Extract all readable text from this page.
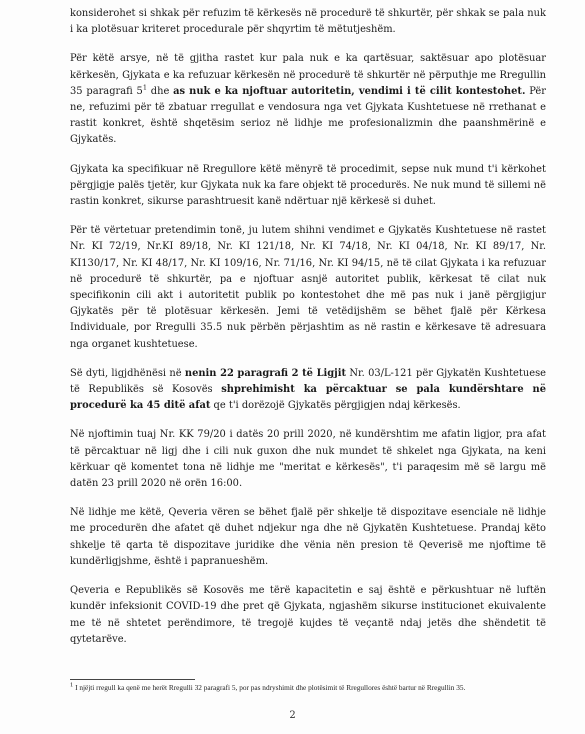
konsiderohet si shkak për refuzim të kërkesës në procedurë të shkurtër, për shkak se pala nuk i ka plotësuar kriteret procedurale për shqyrtim të mëtutjeshëm.

Për këtë arsye, në të gjitha rastet kur pala nuk e ka qartësuar, saktësuar apo plotësuar kërkesën, Gjykata e ka refuzuar kërkesën në procedurë të shkurtër në përputhje me Rregullin 35 paragrafi $5^1$ dhe as nuk e ka njoftuar autoritetin, vendimi i të cilit kontestohet. Për ne, refuzimi për të zbatuar rregullat e vendosura nga vet Gjykata Kushtetuese në rrethanat e rastit konkret, është shqetësim serioz në lidhje me profesionalizmin dhe paanshmërinë e Gjykatës.

Gjykata ka specifikuar në Rregullore këtë mënyrë të procedimit, sepse nuk mund t'i kërkohet përgjigje palës tjetër, kur Gjykata nuk ka fare objekt të procedurës. Ne nuk mund të sillemi në rastin konkret, sikurse parashtruesit kanë ndërtuar një kërkesë si duhet.

Për të vërtetuar pretendimin tonë, ju lutem shihni vendimet e Gjykatës Kushtetuese në rastet Nr. KI 72/19, Nr.KI 89/18, Nr. KI 121/18, Nr. KI 74/18, Nr. KI 04/18, Nr. KI 89/17, Nr. KI130/17, Nr. KI 48/17, Nr. KI 109/16, Nr. 71/16, Nr. KI 94/15, në të cilat Gjykata i ka refuzuar në procedurë të shkurtër, pa e njoftuar asnjë autoritet publik, kërkesat të cilat nuk specifikonin cili akt i autoritetit publik po kontestohet dhe më pas nuk i janë përgjigjur Gjykatës për të plotësuar kërkesën. Jemi të vetëdijshëm se bëhet fjalë për Kërkesa Individuale, por Rregulli 35.5 nuk përbën përjashtim as në rastin e kërkesave të adresuara nga organet kushtetuese.

Së dyti, ligjdhënësi në nenin 22 paragrafi 2 të Ligjit Nr. 03/L-121 për Gjykatën Kushtetuese të Republikës së Kosovës shprehimisht ka përcaktuar se pala kundërshtare në procedurë ka 45 ditë afat qe t'i dorëzojë Gjykatës përgjigjen ndaj kërkesës.

Në njoftimin tuaj Nr. KK 79/20 i datës 20 prill 2020, në kundërshtim me afatin ligjor, pra afat të përcaktuar në ligj dhe i cili nuk guxon dhe nuk mundet të shkelet nga Gjykata, na keni kërkuar që komentet tona në lidhje me "meritat e kërkesës", t'i paraqesim më së largu më datën 23 prill 2020 në orën 16:00.

Në lidhje me këtë, Qeveria vëren se bëhet fjalë për shkelje të dispozitave esenciale në lidhje me procedurën dhe afatet që duhet ndjekur nga dhe në Gjykatën Kushtetuese. Prandaj këto shkelje të qarta të dispozitave juridike dhe vënia nën presion të Qeverisë me njoftime të kundërligjshme, është i papranueshëm.

Qeveria e Republikës së Kosovës me tërë kapacitetin e saj është e përkushtuar në luftën kundër infeksionit COVID-19 dhe pret që Gjykata, ngjashëm sikurse institucionet ekuivalente me të në shtetet perëndimore, të tregojë kujdes të veçantë ndaj jetës dhe shëndetit të qytetarëve.

$^1$ I njëjti rregull ka qenë me herët Rregulli 32 paragrafi 5, por pas ndryshimit dhe plotësimit të Rregullores është bartur në Rregullin 35.
2
